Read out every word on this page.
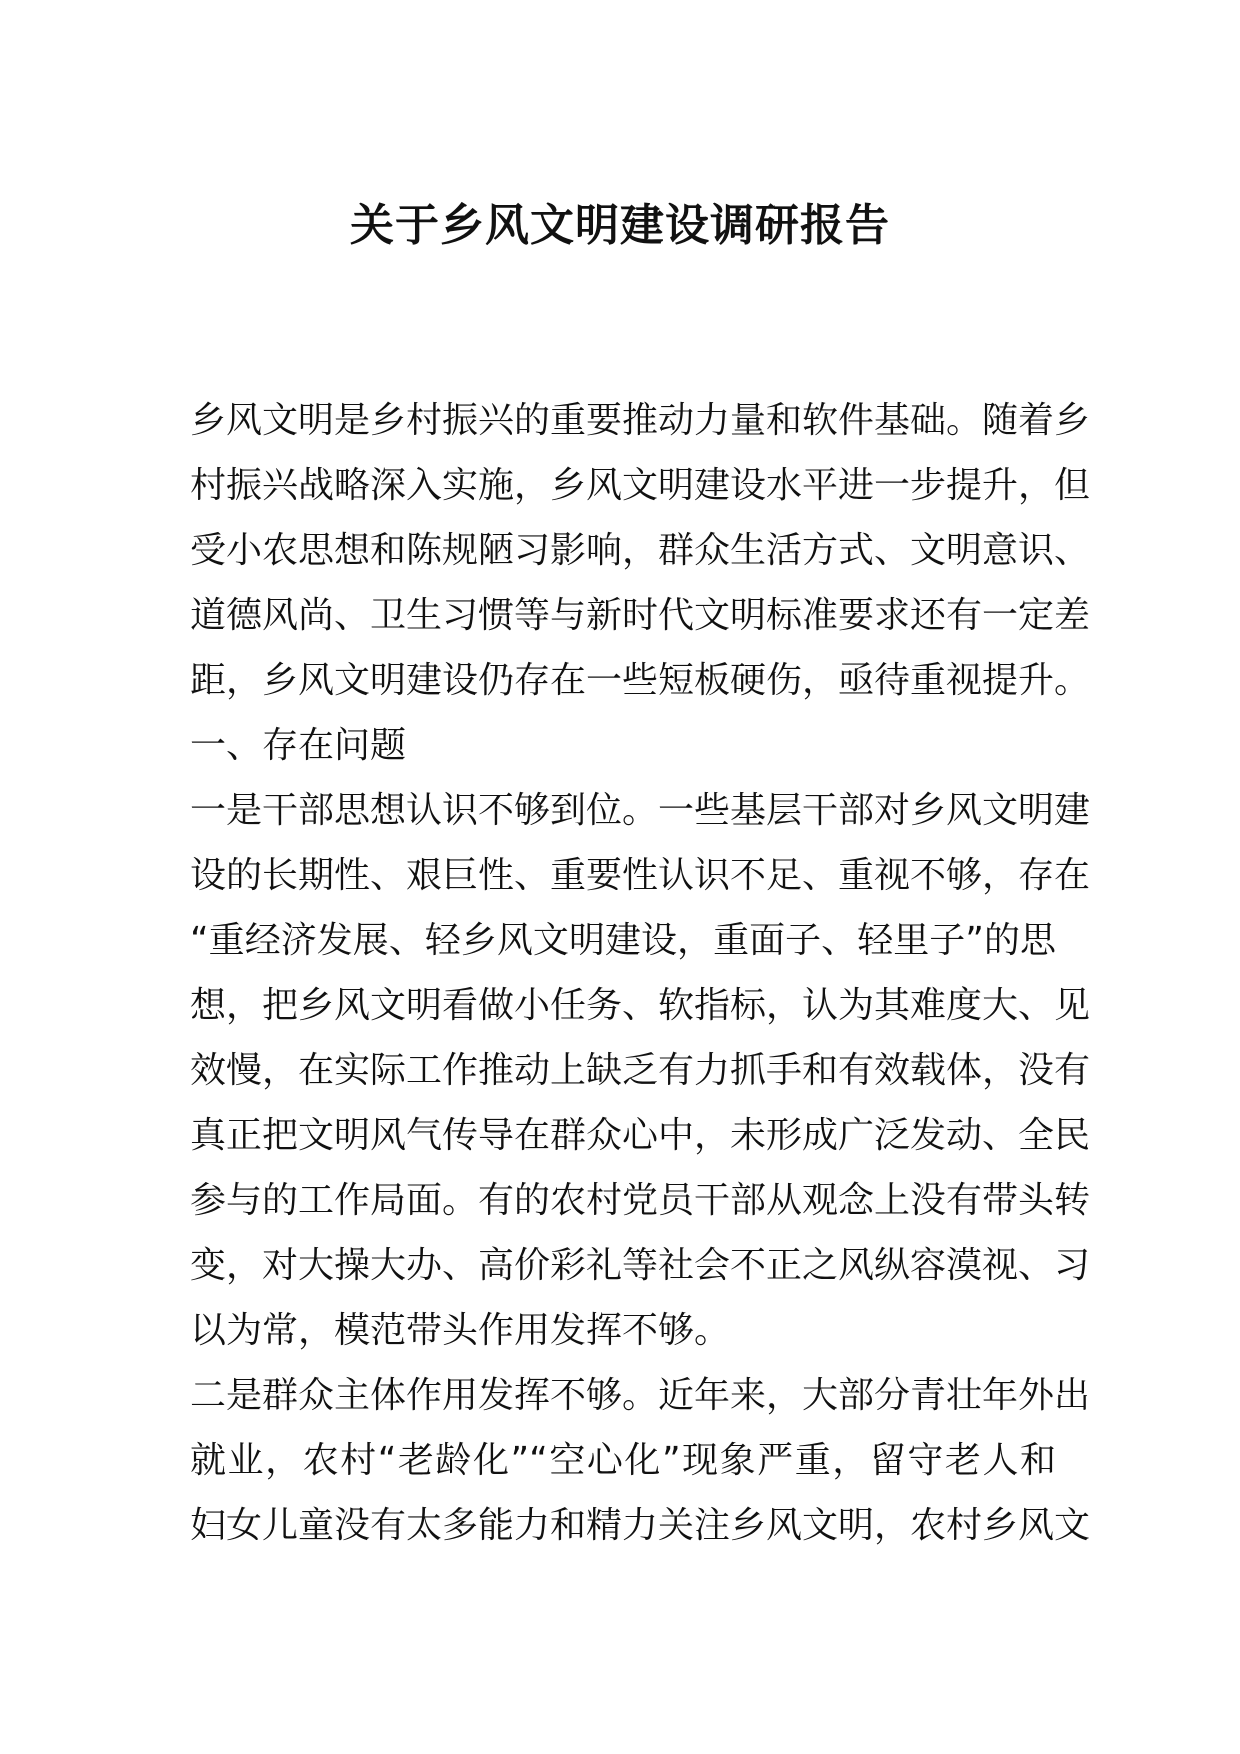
关于乡风文明建设调研报告
乡风文明是乡村振兴的重要推动力量和软件基础。随着乡
村振兴战略深入实施，乡风文明建设水平进一步提升，但
受小农思想和陈规陋习影响，群众生活方式、文明意识、
道德风尚、卫生习惯等与新时代文明标准要求还有一定差
距，乡风文明建设仍存在一些短板硬伤，亟待重视提升。
一、存在问题
一是干部思想认识不够到位。一些基层干部对乡风文明建
设的长期性、艰巨性、重要性认识不足、重视不够，存在
“重经济发展、轻乡风文明建设，重面子、轻里子”的思
想，把乡风文明看做小任务、软指标，认为其难度大、见
效慢，在实际工作推动上缺乏有力抓手和有效载体，没有
真正把文明风气传导在群众心中，未形成广泛发动、全民
参与的工作局面。有的农村党员干部从观念上没有带头转
变，对大操大办、高价彩礼等社会不正之风纵容漠视、习
以为常，模范带头作用发挥不够。
二是群众主体作用发挥不够。近年来，大部分青壮年外出
就业，农村“老龄化”“空心化”现象严重，留守老人和
妇女儿童没有太多能力和精力关注乡风文明，农村乡风文
